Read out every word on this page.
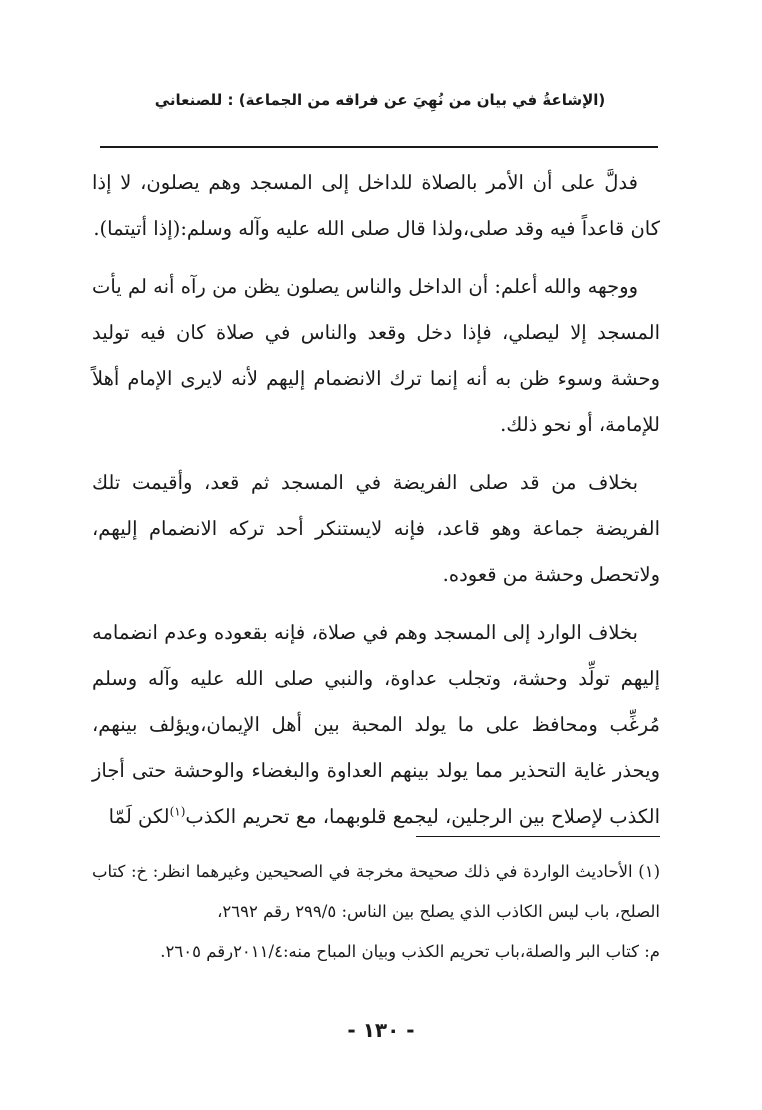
(الإشاعةُ في بيان من نُهِيَ عن فراقه من الجماعة) : للصنعاني

فدلَّ على أن الأمر بالصلاة للداخل إلى المسجد وهم يصلون، لا إذا كان قاعداً فيه وقد صلى،ولذا قال صلى الله عليه وآله وسلم:(إذا أتيتما).

ووجهه والله أعلم: أن الداخل والناس يصلون يظن من رآه أنه لم يأت المسجد إلا ليصلي، فإذا دخل وقعد والناس في صلاة كان فيه توليد وحشة وسوء ظن به أنه إنما ترك الانضمام إليهم لأنه لايرى الإمام أهلاً للإمامة، أو نحو ذلك.

بخلاف من قد صلى الفريضة في المسجد ثم قعد، وأقيمت تلك الفريضة جماعة وهو قاعد، فإنه لايستنكر أحد تركه الانضمام إليهم، ولاتحصل وحشة من قعوده.

بخلاف الوارد إلى المسجد وهم في صلاة، فإنه بقعوده وعدم انضمامه إليهم تولِّد وحشة، وتجلب عداوة، والنبي صلى الله عليه وآله وسلم مُرغِّب ومحافظ على ما يولد المحبة بين أهل الإيمان،ويؤلف بينهم، ويحذر غاية التحذير مما يولد بينهم العداوة والبغضاء والوحشة حتى أجاز الكذب لإصلاح بين الرجلين، ليجمع قلوبهما، مع تحريم الكذب$^{(١)}$لكن لَمّا

(١) الأحاديث الواردة في ذلك صحيحة مخرجة في الصحيحين وغيرهما انظر: خ: كتاب الصلح، باب ليس الكاذب الذي يصلح بين الناس: ٢٩٩/٥ رقم ٢٦٩٢،

م: كتاب البر والصلة،باب تحريم الكذب وبيان المباح منه:٢٠١١/٤رقم ٢٦٠٥.

- ١٣٠ -
